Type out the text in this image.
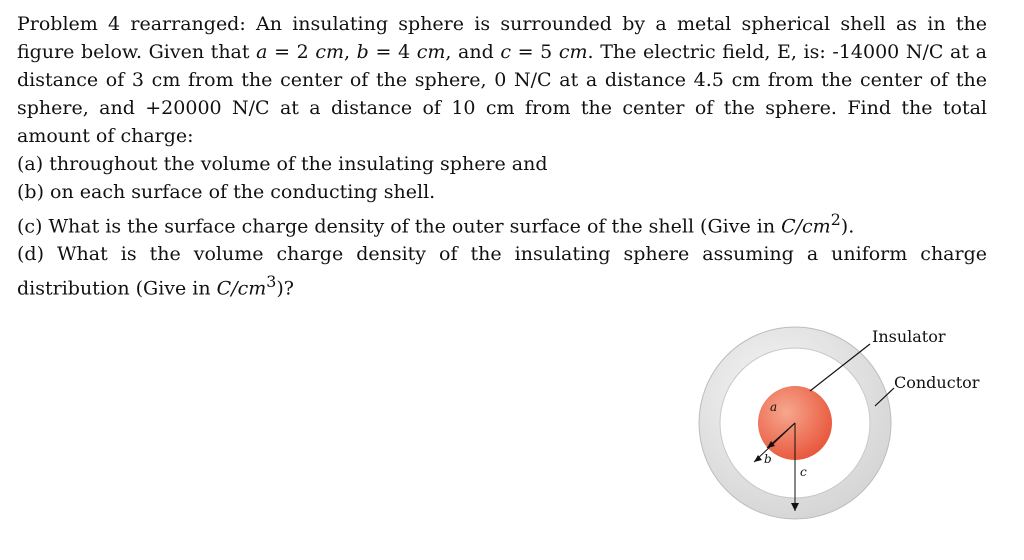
Problem 4 rearranged: An insulating sphere is surrounded by a metal spherical shell as in the figure below. Given that a = 2 cm, b = 4 cm, and c = 5 cm. The electric field, E, is: -14000 N/C at a distance of 3 cm from the center of the sphere, 0 N/C at a distance 4.5 cm from the center of the sphere, and +20000 N/C at a distance of 10 cm from the center of the sphere. Find the total amount of charge:

(a) throughout the volume of the insulating sphere and

(b) on each surface of the conducting shell.

(c) What is the surface charge density of the outer surface of the shell (Give in $C/cm^2$).

(d) What is the volume charge density of the insulating sphere assuming a uniform charge distribution (Give in $C/cm^3$)?

Insulator
Conductor
a
b
c
